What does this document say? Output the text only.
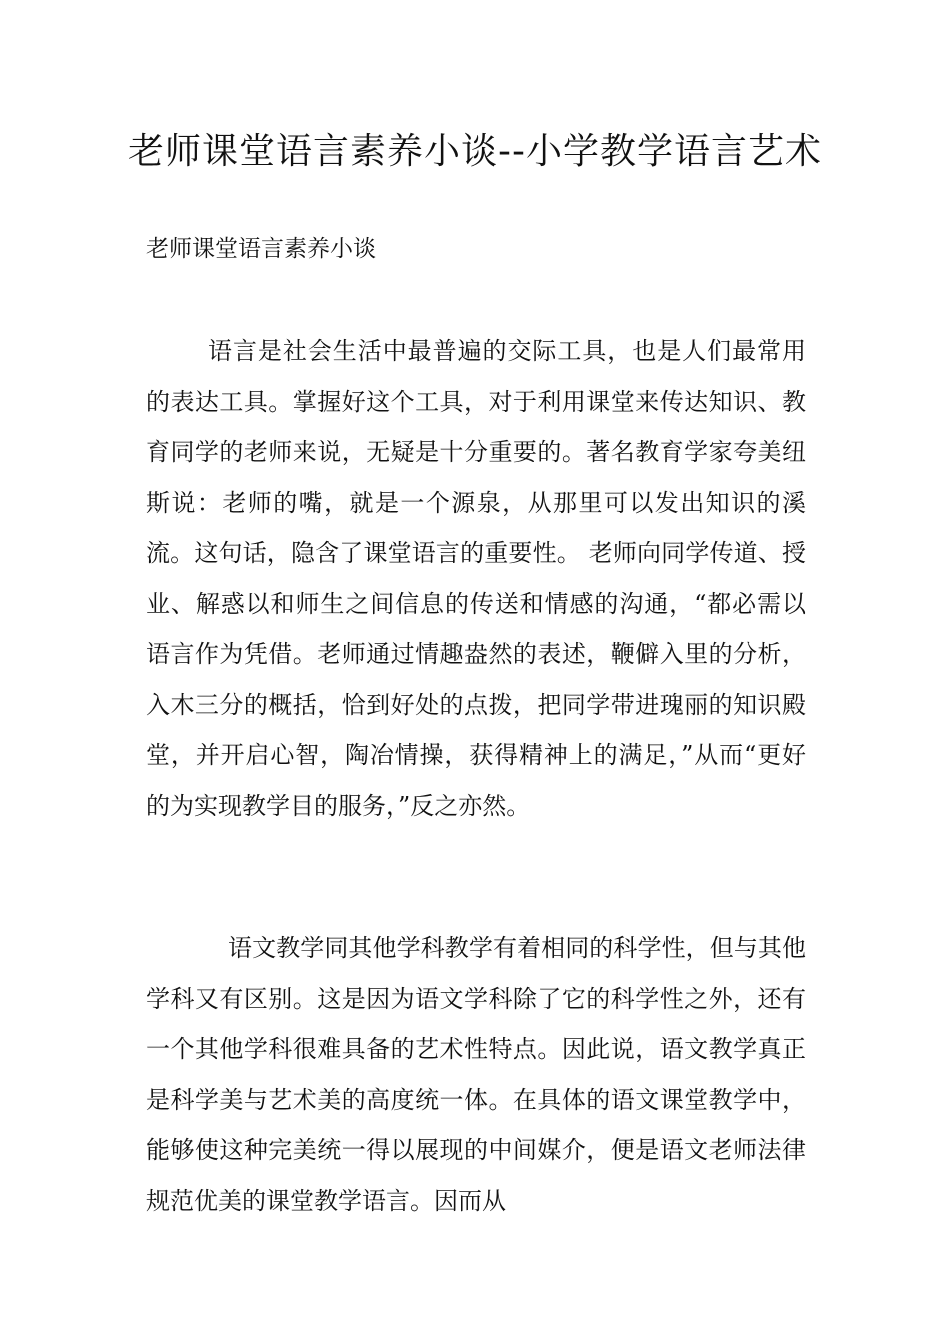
老师课堂语言素养小谈--小学教学语言艺术

老师课堂语言素养小谈

语言是社会生活中最普遍的交际工具，也是人们最常用的表达工具。掌握好这个工具，对于利用课堂来传达知识、教育同学的老师来说，无疑是十分重要的。著名教育学家夸美纽斯说：老师的嘴，就是一个源泉，从那里可以发出知识的溪流。这句话，隐含了课堂语言的重要性。 老师向同学传道、授业、解惑以和师生之间信息的传送和情感的沟通，“都必需以语言作为凭借。老师通过情趣盎然的表述，鞭僻入里的分析，入木三分的概括，恰到好处的点拨，把同学带进瑰丽的知识殿堂，并开启心智，陶冶情操，获得精神上的满足，”从而“更好的为实现教学目的服务，”反之亦然。

语文教学同其他学科教学有着相同的科学性，但与其他学科又有区别。这是因为语文学科除了它的科学性之外，还有一个其他学科很难具备的艺术性特点。因此说，语文教学真正是科学美与艺术美的高度统一体。在具体的语文课堂教学中，能够使这种完美统一得以展现的中间媒介，便是语文老师法律规范优美的课堂教学语言。因而从
